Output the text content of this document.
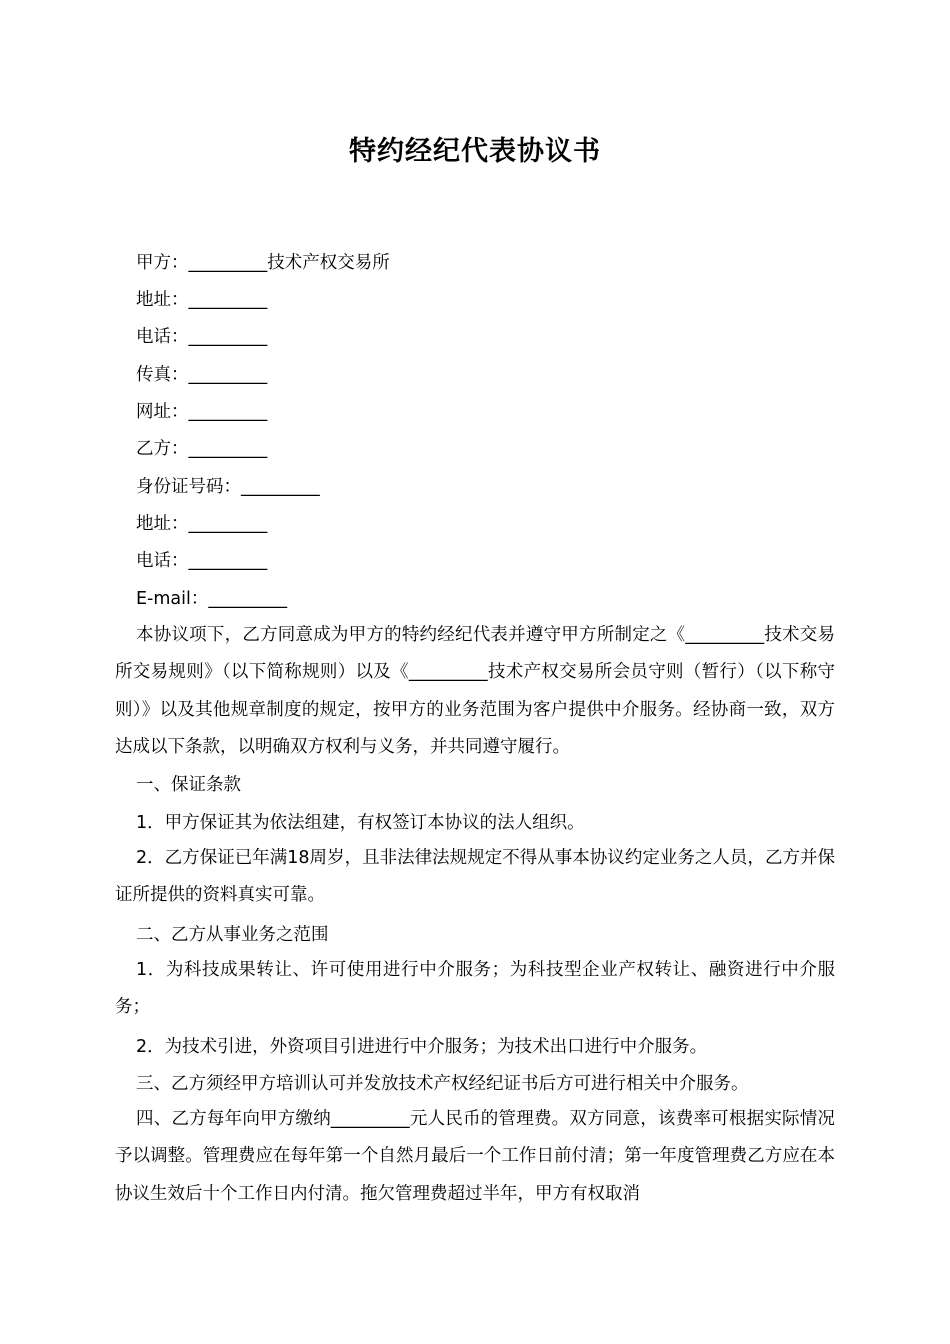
特约经纪代表协议书
甲方：_________技术产权交易所
地址：_________
电话：_________
传真：_________
网址：_________
乙方：_________
身份证号码：_________
地址：_________
电话：_________
E-mail：_________
本协议项下，乙方同意成为甲方的特约经纪代表并遵守甲方所制定之《_________技术交易所交易规则》（以下简称规则）以及《_________技术产权交易所会员守则（暂行）（以下称守则）》以及其他规章制度的规定，按甲方的业务范围为客户提供中介服务。经协商一致，双方达成以下条款，以明确双方权利与义务，并共同遵守履行。
一、保证条款
1．甲方保证其为依法组建，有权签订本协议的法人组织。
2．乙方保证已年满18周岁，且非法律法规规定不得从事本协议约定业务之人员，乙方并保证所提供的资料真实可靠。
二、乙方从事业务之范围
1．为科技成果转让、许可使用进行中介服务；为科技型企业产权转让、融资进行中介服务；
2．为技术引进，外资项目引进进行中介服务；为技术出口进行中介服务。
三、乙方须经甲方培训认可并发放技术产权经纪证书后方可进行相关中介服务。
四、乙方每年向甲方缴纳_________元人民币的管理费。双方同意，该费率可根据实际情况予以调整。管理费应在每年第一个自然月最后一个工作日前付清；第一年度管理费乙方应在本协议生效后十个工作日内付清。拖欠管理费超过半年，甲方有权取消
